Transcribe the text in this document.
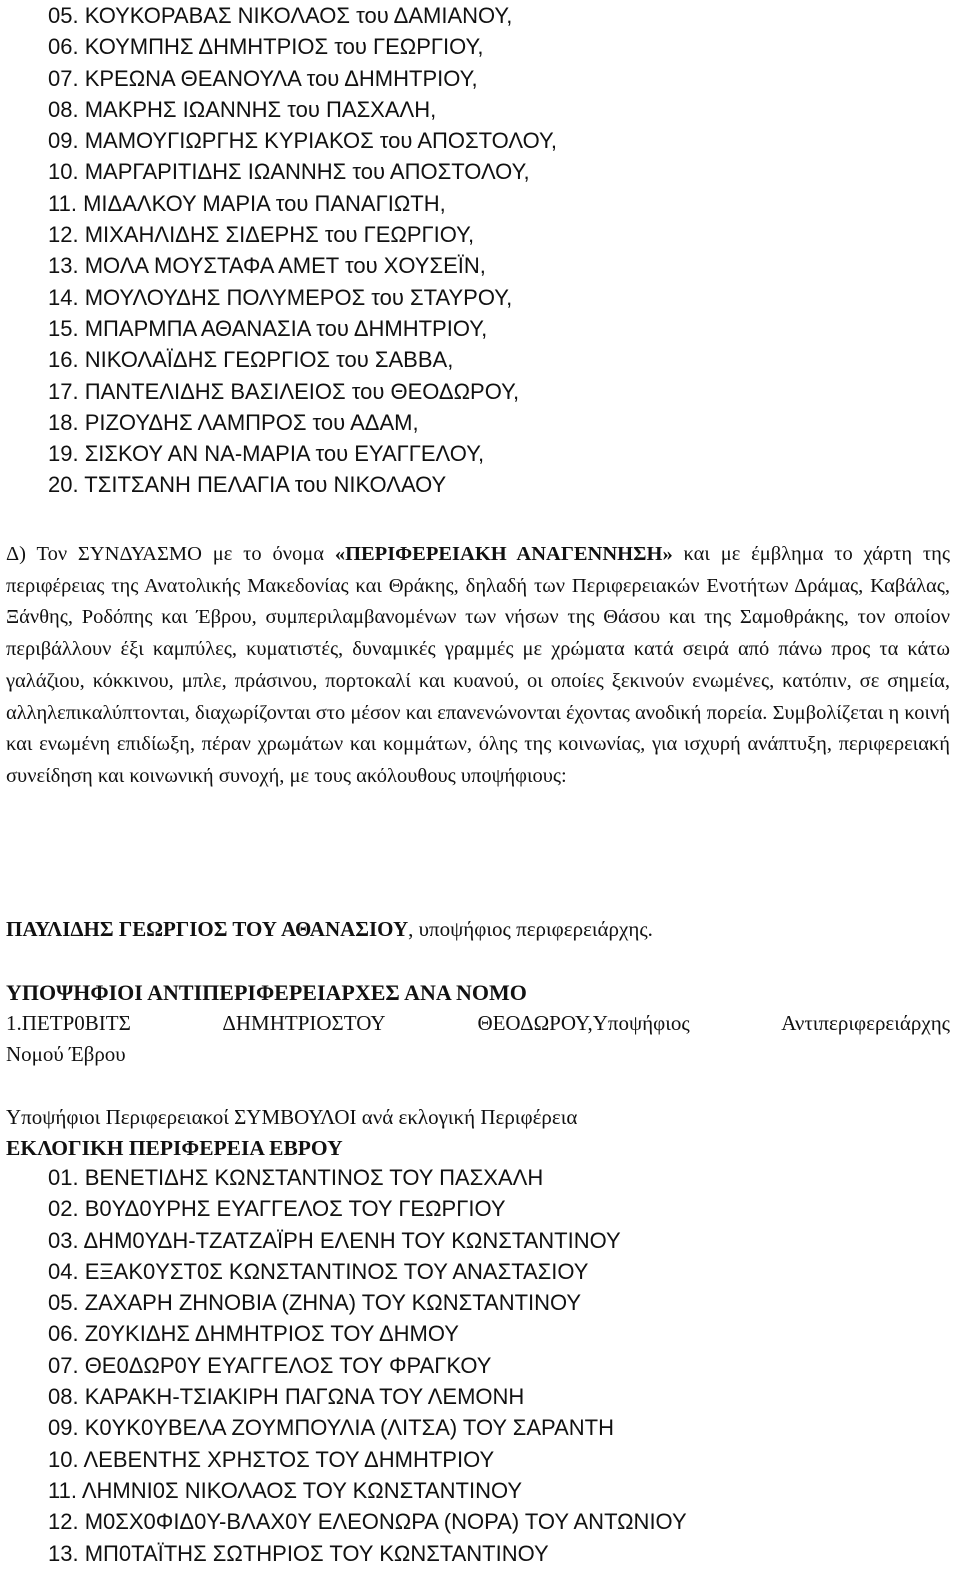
05. ΚΟΥΚΟΡΑΒΑΣ ΝΙΚΟΛΑΟΣ του ΔΑΜΙΑΝΟΥ,
06. ΚΟΥΜΠΗΣ ΔΗΜΗΤΡΙΟΣ του ΓΕΩΡΓΙΟΥ,
07. ΚΡΕΩΝΑ ΘΕΑΝΟΥΛΑ του ΔΗΜΗΤΡΙΟΥ,
08. ΜΑΚΡΗΣ ΙΩΑΝΝΗΣ του ΠΑΣΧΑΛΗ,
09. ΜΑΜΟΥΓΙΩΡΓΗΣ ΚΥΡΙΑΚΟΣ του ΑΠΟΣΤΟΛΟΥ,
10. ΜΑΡΓΑΡΙΤΙΔΗΣ ΙΩΑΝΝΗΣ του ΑΠΟΣΤΟΛΟΥ,
11. ΜΙΔΑΛΚΟΥ ΜΑΡΙΑ του ΠΑΝΑΓΙΩΤΗ,
12. ΜΙΧΑΗΛΙΔΗΣ ΣΙΔΕΡΗΣ του ΓΕΩΡΓΙΟΥ,
13. ΜΟΛΑ ΜΟΥΣΤΑΦΑ ΑΜΕΤ του ΧΟΥΣΕΪΝ,
14. ΜΟΥΛΟΥΔΗΣ ΠΟΛΥΜΕΡΟΣ του ΣΤΑΥΡΟΥ,
15. ΜΠΑΡΜΠΑ ΑΘΑΝΑΣΙΑ του ΔΗΜΗΤΡΙΟΥ,
16. ΝΙΚΟΛΑΪΔΗΣ ΓΕΩΡΓΙΟΣ του ΣΑΒΒΑ,
17. ΠΑΝΤΕΛΙΔΗΣ ΒΑΣΙΛΕΙΟΣ του ΘΕΟΔΩΡΟΥ,
18. ΡΙΖΟΥΔΗΣ ΛΑΜΠΡΟΣ του ΑΔΑΜ,
19. ΣΙΣΚΟΥ ΑΝ ΝΑ-ΜΑΡΙΑ του ΕΥΑΓΓΕΛΟΥ,
20. ΤΣΙΤΣΑΝΗ ΠΕΛΑΓΙΑ του ΝΙΚΟΛΑΟΥ

Δ) Τον ΣΥΝΔΥΑΣΜΟ με το όνομα «ΠΕΡΙΦΕΡΕΙΑΚΗ ΑΝΑΓΕΝΝΗΣΗ» και με έμβλημα το χάρτη της περιφέρειας της Ανατολικής Μακεδονίας και Θράκης, δηλαδή των Περιφερειακών Ενοτήτων Δράμας, Καβάλας, Ξάνθης, Ροδόπης και Έβρου, συμπεριλαμβανομένων των νήσων της Θάσου και της Σαμοθράκης, τον οποίον περιβάλλουν έξι καμπύλες, κυματιστές, δυναμικές γραμμές με χρώματα κατά σειρά από πάνω προς τα κάτω γαλάζιου, κόκκινου, μπλε, πράσινου, πορτοκαλί και κυανού, οι οποίες ξεκινούν ενωμένες, κατόπιν, σε σημεία, αλληλεπικαλύπτονται, διαχωρίζονται στο μέσον και επανενώνονται έχοντας ανοδική πορεία. Συμβολίζεται η κοινή και ενωμένη επιδίωξη, πέραν χρωμάτων και κομμάτων, όλης της κοινωνίας, για ισχυρή ανάπτυξη, περιφερειακή συνείδηση και κοινωνική συνοχή, με τους ακόλουθους υποψήφιους:

ΠΑΥΛΙΔΗΣ ΓΕΩΡΓΙΟΣ ΤΟΥ ΑΘΑΝΑΣΙΟΥ, υποψήφιος περιφερειάρχης.

ΥΠΟΨΗΦΙΟΙ ΑΝΤΙΠΕΡΙΦΕΡΕΙΑΡΧΕΣ ΑΝΑ ΝΟΜΟ

1.ΠΕΤΡ0ΒΙΤΣ ΔΗΜΗΤΡΙΟΣΤΟΥ ΘΕΟΔΩΡΟΥ,Υποψήφιος Αντιπεριφερειάρχης

Νομού Έβρου

Υποψήφιοι Περιφερειακοί ΣΥΜΒΟΥΛΟΙ ανά εκλογική Περιφέρεια

ΕΚΛΟΓΙΚΗ ΠΕΡΙΦΕΡΕΙΑ ΕΒΡΟΥ

01. ΒΕΝΕΤΙΔΗΣ ΚΩΝΣΤΑΝΤΙΝΟΣ ΤΟΥ ΠΑΣΧΑΛΗ
02. Β0ΥΔ0ΥΡΗΣ ΕΥΑΓΓΕΛΟΣ ΤΟΥ ΓΕΩΡΓΙΟΥ
03. ΔΗΜ0ΥΔΗ-ΤΖΑΤΖΑΪΡΗ ΕΛΕΝΗ ΤΟΥ ΚΩΝΣΤΑΝΤΙΝΟΥ
04. ΕΞΑΚ0ΥΣΤ0Σ ΚΩΝΣΤΑΝΤΙΝΟΣ ΤΟΥ ΑΝΑΣΤΑΣΙΟΥ
05. ΖΑΧΑΡΗ ΖΗΝΟΒΙΑ (ΖΗΝΑ) ΤΟΥ ΚΩΝΣΤΑΝΤΙΝΟΥ
06. Ζ0ΥΚΙΔΗΣ ΔΗΜΗΤΡΙΟΣ ΤΟΥ ΔΗΜΟΥ
07. ΘΕ0ΔΩΡ0Υ ΕΥΑΓΓΕΛΟΣ ΤΟΥ ΦΡΑΓΚΟΥ
08. ΚΑΡΑΚΗ-ΤΣΙΑΚΙΡΗ ΠΑΓΩΝΑ ΤΟΥ ΛΕΜΟΝΗ
09. Κ0ΥΚ0ΥΒΕΛΑ ΖΟΥΜΠΟΥΛΙΑ (ΛΙΤΣΑ) ΤΟΥ ΣΑΡΑΝΤΗ
10. ΛΕΒΕΝΤΗΣ ΧΡΗΣΤΟΣ ΤΟΥ ΔΗΜΗΤΡΙΟΥ
11. ΛΗΜΝΙ0Σ ΝΙΚΟΛΑΟΣ ΤΟΥ ΚΩΝΣΤΑΝΤΙΝΟΥ
12. Μ0ΣΧ0ΦΙΔ0Υ-ΒΛΑΧ0Υ ΕΛΕΟΝΩΡΑ (ΝΟΡΑ) ΤΟΥ ΑΝΤΩΝΙΟΥ
13. ΜΠ0ΤΑΪΤΗΣ ΣΩΤΗΡΙΟΣ ΤΟΥ ΚΩΝΣΤΑΝΤΙΝΟΥ
